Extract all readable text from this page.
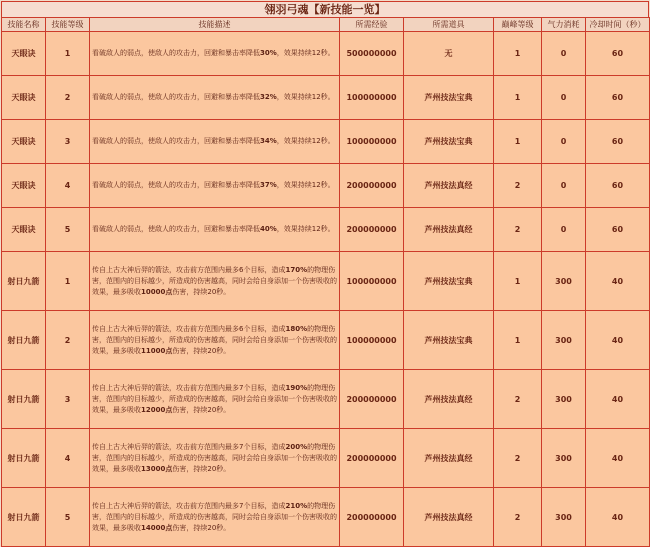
翎羽弓魂【新技能一览】
技能名称	技能等级	技能描述	所需经验	所需道具	巅峰等级	气力消耗	冷却时间（秒）
天眼诀	1	看破敌人的弱点，使敌人的攻击力，回避和暴击率降低30%，效果持续12秒。	500000000	无	1	0	60
天眼诀	2	看破敌人的弱点，使敌人的攻击力，回避和暴击率降低32%，效果持续12秒。	100000000	芦州技法宝典	1	0	60
天眼诀	3	看破敌人的弱点，使敌人的攻击力，回避和暴击率降低34%，效果持续12秒。	100000000	芦州技法宝典	1	0	60
天眼诀	4	看破敌人的弱点，使敌人的攻击力，回避和暴击率降低37%，效果持续12秒。	200000000	芦州技法真经	2	0	60
天眼诀	5	看破敌人的弱点，使敌人的攻击力，回避和暴击率降低40%，效果持续12秒。	200000000	芦州技法真经	2	0	60
射日九箭	1	传自上古大神后羿的箭法，攻击前方范围内最多6个目标，造成170%的物理伤害，范围内的目标越少，所造成的伤害越高，同时会给自身添加一个伤害吸收的效果，最多吸收10000点伤害，持续20秒。	100000000	芦州技法宝典	1	300	40
射日九箭	2	传自上古大神后羿的箭法，攻击前方范围内最多6个目标，造成180%的物理伤害，范围内的目标越少，所造成的伤害越高，同时会给自身添加一个伤害吸收的效果，最多吸收11000点伤害，持续20秒。	100000000	芦州技法宝典	1	300	40
射日九箭	3	传自上古大神后羿的箭法，攻击前方范围内最多7个目标，造成190%的物理伤害，范围内的目标越少，所造成的伤害越高，同时会给自身添加一个伤害吸收的效果，最多吸收12000点伤害，持续20秒。	200000000	芦州技法真经	2	300	40
射日九箭	4	传自上古大神后羿的箭法，攻击前方范围内最多7个目标，造成200%的物理伤害，范围内的目标越少，所造成的伤害越高，同时会给自身添加一个伤害吸收的效果，最多吸收13000点伤害，持续20秒。	200000000	芦州技法真经	2	300	40
射日九箭	5	传自上古大神后羿的箭法，攻击前方范围内最多7个目标，造成210%的物理伤害，范围内的目标越少，所造成的伤害越高，同时会给自身添加一个伤害吸收的效果，最多吸收14000点伤害，持续20秒。	200000000	芦州技法真经	2	300	40
